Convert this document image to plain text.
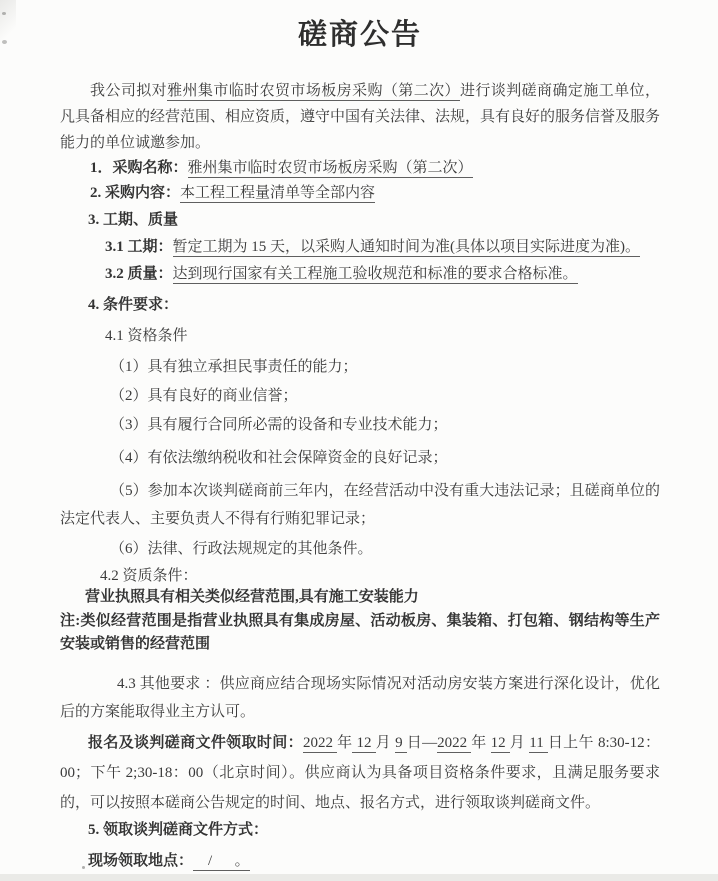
磋商公告

我公司拟对雅州集市临时农贸市场板房采购（第二次）进行谈判磋商确定施工单位，凡具备相应的经营范围、相应资质，遵守中国有关法律、法规，具有良好的服务信誉及服务能力的单位诚邀参加。

1．采购名称：雅州集市临时农贸市场板房采购（第二次）

2. 采购内容：本工程工程量清单等全部内容

3. 工期、质量

3.1 工期：暂定工期为 15 天，以采购人通知时间为准(具体以项目实际进度为准)。

3.2 质量：达到现行国家有关工程施工验收规范和标准的要求合格标准。

4. 条件要求：

4.1 资格条件

（1）具有独立承担民事责任的能力；

（2）具有良好的商业信誉；

（3）具有履行合同所必需的设备和专业技术能力；

（4）有依法缴纳税收和社会保障资金的良好记录；

（5）参加本次谈判磋商前三年内，在经营活动中没有重大违法记录；且磋商单位的法定代表人、主要负责人不得有行贿犯罪记录；

（6）法律、行政法规规定的其他条件。

4.2 资质条件：

营业执照具有相关类似经营范围,具有施工安装能力

注:类似经营范围是指营业执照具有集成房屋、活动板房、集装箱、打包箱、钢结构等生产安装或销售的经营范围

4.3 其他要求 ：供应商应结合现场实际情况对活动房安装方案进行深化设计，优化后的方案能取得业主方认可。

报名及谈判磋商文件领取时间：2022 年 12 月 9 日—2022 年 12 月 11 日上午 8:30-12：00；下午 2;30-18：00（北京时间）。供应商认为具备项目资格条件要求，且满足服务要求的，可以按照本磋商公告规定的时间、地点、报名方式，进行领取谈判磋商文件。

5. 领取谈判磋商文件方式：

现场领取地点：    /      。
